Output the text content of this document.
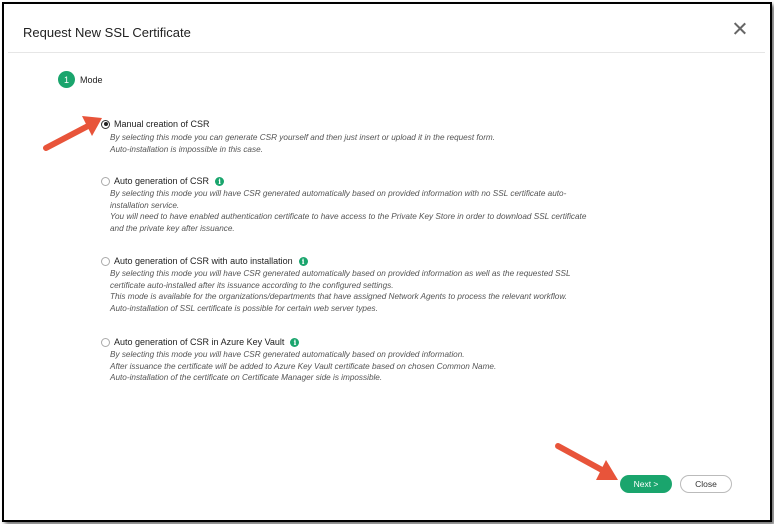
Request New SSL Certificate
1	Mode
Manual creation of CSR
By selecting this mode you can generate CSR yourself and then just insert or upload it in the request form.
Auto-installation is impossible in this case.
Auto generation of CSR	i
By selecting this mode you will have CSR generated automatically based on provided information with no SSL certificate auto-
installation service.
You will need to have enabled authentication certificate to have access to the Private Key Store in order to download SSL certificate
and the private key after issuance.
Auto generation of CSR with auto installation	i
By selecting this mode you will have CSR generated automatically based on provided information as well as the requested SSL
certificate auto-installed after its issuance according to the configured settings.
This mode is available for the organizations/departments that have assigned Network Agents to process the relevant workflow.
Auto-installation of SSL certificate is possible for certain web server types.
Auto generation of CSR in Azure Key Vault	i
By selecting this mode you will have CSR generated automatically based on provided information.
After issuance the certificate will be added to Azure Key Vault certificate based on chosen Common Name.
Auto-installation of the certificate on Certificate Manager side is impossible.
Next >	Close
